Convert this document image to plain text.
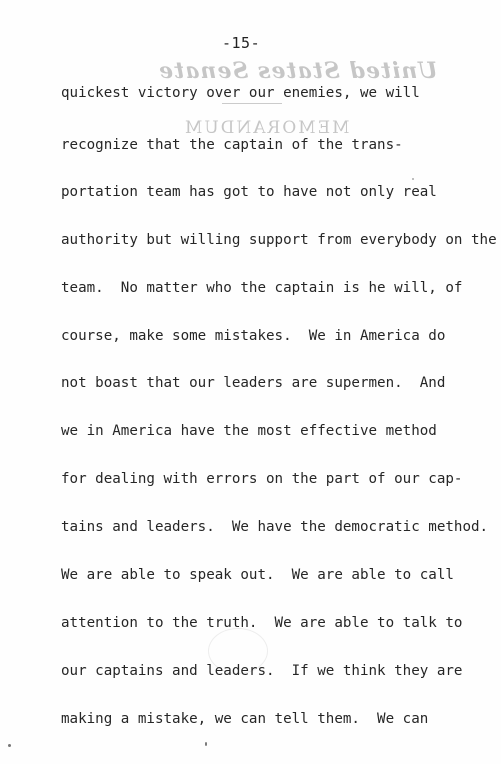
-15-
United States Senate
MEMORANDUM
quickest victory over our enemies, we will
recognize that the captain of the trans-
portation team has got to have not only real
authority but willing support from everybody on the
team.  No matter who the captain is he will, of
course, make some mistakes.  We in America do
not boast that our leaders are supermen.  And
we in America have the most effective method
for dealing with errors on the part of our cap-
tains and leaders.  We have the democratic method.
We are able to speak out.  We are able to call
attention to the truth.  We are able to talk to
our captains and leaders.  If we think they are
making a mistake, we can tell them.  We can
